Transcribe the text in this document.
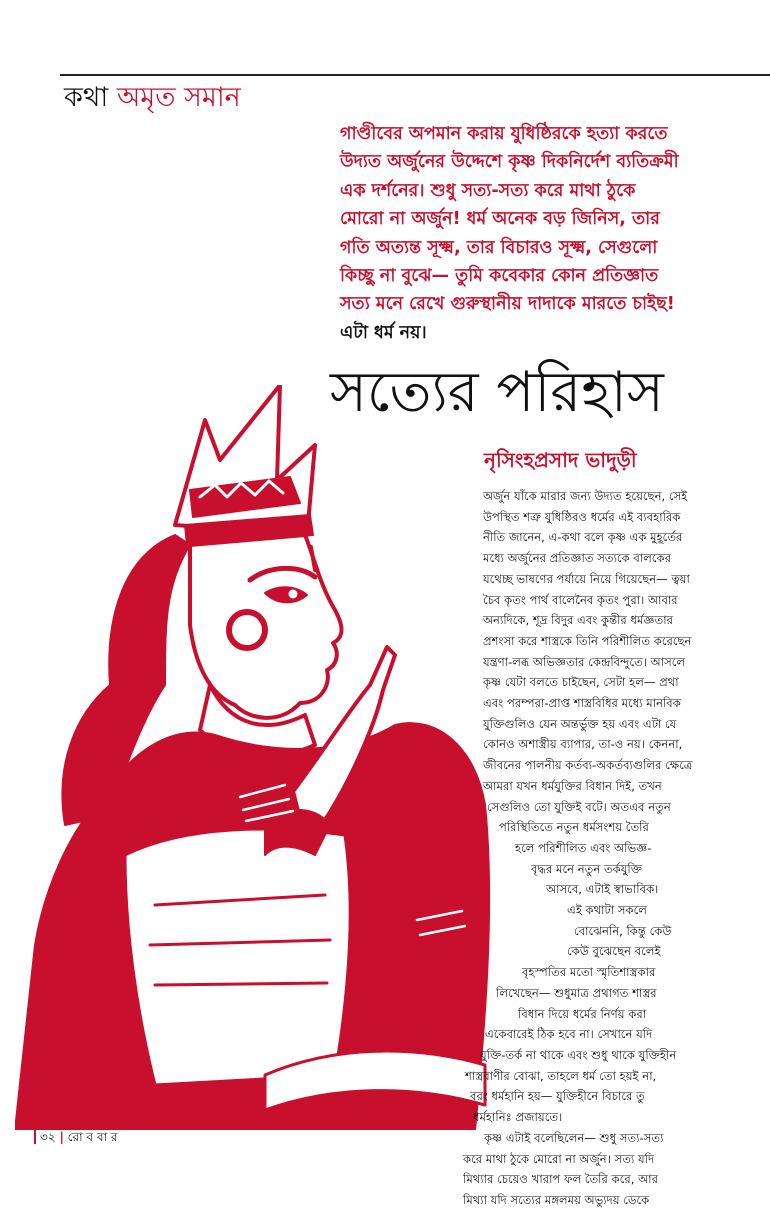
কথা অমৃত সমান
গাণ্ডীবের অপমান করায় যুধিষ্ঠিরকে হত্যা করতে
উদ্যত অর্জুনের উদ্দেশে কৃষ্ণ দিকনির্দেশ ব্যতিক্রমী
এক দর্শনের। শুধু সত্য-সত্য করে মাথা ঠুকে
মোরো না অর্জুন! ধর্ম অনেক বড় জিনিস, তার
গতি অত্যন্ত সূক্ষ্ম, তার বিচারও সূক্ষ্ম, সেগুলো
কিচ্ছু না বুঝে— তুমি কবেকার কোন প্রতিজ্ঞাত
সত্য মনে রেখে গুরুস্থানীয় দাদাকে মারতে চাইছ!
এটা ধর্ম নয়।
সত্যের পরিহাস
নৃসিংহপ্রসাদ ভাদুড়ী
অর্জুন যাঁকে মারার জন্য উদ্যত হয়েছেন, সেই
উপস্থিত শত্রু যুধিষ্ঠিরও ধর্মের এই ব্যবহারিক
নীতি জানেন, এ-কথা বলে কৃষ্ণ এক মুহূর্তের
মধ্যে অর্জুনের প্রতিজ্ঞাত সত্যকে বালকের
যথেচ্ছ ভাষণের পর্যায়ে নিয়ে গিয়েছেন— ত্বয়া
চৈব কৃতং পার্থ বালেনৈব কৃতং পুরা। আবার
অন্যদিকে, শূদ্র বিদুর এবং কুন্তীর ধর্মজ্ঞতার
প্রশংসা করে শাস্ত্রকে তিনি পরিশীলিত করেছেন
যন্ত্রণা-লব্ধ অভিজ্ঞতার কেন্দ্রবিন্দুতে। আসলে
কৃষ্ণ যেটা বলতে চাইছেন, সেটা হল— প্রথা
এবং পরম্পরা-প্রাপ্ত শাস্ত্রবিধির মধ্যে মানবিক
যুক্তিগুলিও যেন অন্তর্ভুক্ত হয় এবং এটা যে
কোনও অশাস্ত্রীয় ব্যাপার, তা-ও নয়। কেননা,
জীবনের পালনীয় কর্তব্য-অকর্তব্যগুলির ক্ষেত্রে
আমরা যখন ধর্মযুক্তির বিধান দিই, তখন
সেগুলিও তো যুক্তিই বটে। অতএব নতুন
পরিস্থিতিতে নতুন ধর্মসংশয় তৈরি
হলে পরিশীলিত এবং অভিজ্ঞ-
বৃদ্ধর মনে নতুন তর্কযুক্তি
আসবে, এটাই স্বাভাবিক।
এই কথাটা সকলে
বোঝেননি, কিন্তু কেউ
কেউ বুঝেছেন বলেই
বৃহস্পতির মতো স্মৃতিশাস্ত্রকার
লিখেছেন— শুধুমাত্র প্রথাগত শাস্ত্রর
বিধান দিয়ে ধর্মের নির্ণয় করা
একেবারেই ঠিক হবে না। সেখানে যদি
যুক্তি-তর্ক না থাকে এবং শুধু থাকে যুক্তিহীন
শাস্ত্রবাণীর বোঝা, তাহলে ধর্ম তো হয়ই না,
বরং ধর্মহানি হয়— যুক্তিহীনে বিচারে তু
ধর্মহানিঃ প্রজায়তে।
কৃষ্ণ এটাই বলেছিলেন— শুধু সত্য-সত্য
করে মাথা ঠুকে মোরো না অর্জুন। সত্য যদি
মিথ্যার চেয়েও খারাপ ফল তৈরি করে, আর
মিথ্যা যদি সত্যের মঙ্গলময় অভ্যুদয় ডেকে
৩২ | রো ব বা র
